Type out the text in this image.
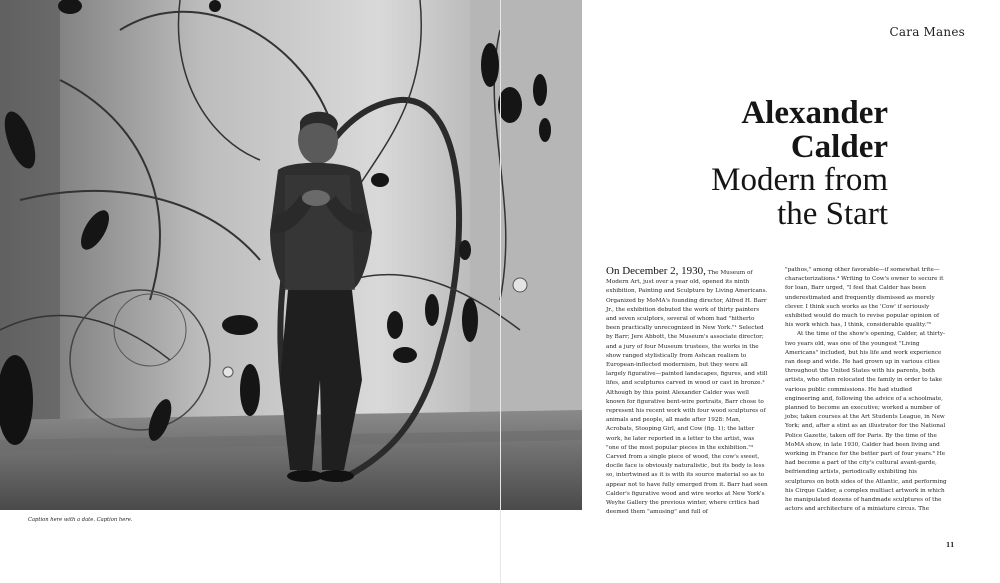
Caption here with a date. Caption here.
Cara Manes
Alexander
Calder
Modern from
the Start

On December 2, 1930, The Museum of Modern Art, just over a year old, opened its ninth exhibition, Painting and Sculpture by Living Americans. Organized by MoMA's founding director, Alfred H. Barr Jr., the exhibition debuted the work of thirty painters and seven sculptors, several of whom had "hitherto been practically unrecognized in New York."¹ Selected by Barr; Jere Abbott, the Museum's associate director; and a jury of four Museum trustees, the works in the show ranged stylistically from Ashcan realism to European-inflected modernism, but they were all largely figurative—painted landscapes, figures, and still lifes, and sculptures carved in wood or cast in bronze.² Although by this point Alexander Calder was well known for figurative bent-wire portraits, Barr chose to represent his recent work with four wood sculptures of animals and people, all made after 1928: Man, Acrobats, Stooping Girl, and Cow (fig. 1); the latter work, he later reported in a letter to the artist, was "one of the most popular pieces in the exhibition."³ Carved from a single piece of wood, the cow's sweet, docile face is obviously naturalistic, but its body is less so, intertwined as it is with its source material so as to appear not to have fully emerged from it. Barr had seen Calder's figurative wood and wire works at New York's Weyhe Gallery the previous winter, where critics had deemed them "amusing" and full of

"pathos," among other favorable—if somewhat trite—characterizations.⁴ Writing to Cow's owner to secure it for loan, Barr urged, "I feel that Calder has been underestimated and frequently dismissed as merely clever. I think such works as the 'Cow' if seriously exhibited would do much to revise popular opinion of his work which has, I think, considerable quality."⁵

At the time of the show's opening, Calder, at thirty-two years old, was one of the youngest "Living Americans" included, but his life and work experience ran deep and wide. He had grown up in various cities throughout the United States with his parents, both artists, who often relocated the family in order to take various public commissions. He had studied engineering and, following the advice of a schoolmate, planned to become an executive; worked a number of jobs; taken courses at the Art Students League, in New York; and, after a stint as an illustrator for the National Police Gazette, taken off for Paris. By the time of the MoMA show, in late 1930, Calder had been living and working in France for the better part of four years.⁶ He had become a part of the city's cultural avant-garde, befriending artists, periodically exhibiting his sculptures on both sides of the Atlantic, and performing his Cirque Calder, a complex multiact artwork in which he manipulated dozens of handmade sculptures of the actors and architecture of a miniature circus. The

11
